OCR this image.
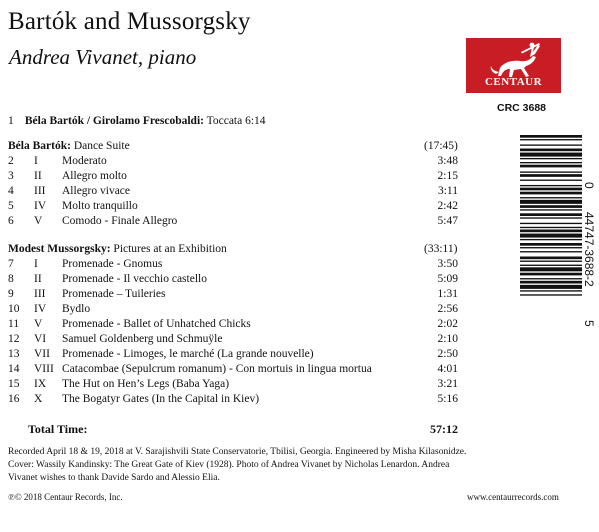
Bartók and Mussorgsky
Andrea Vivanet, piano
CENTAUR
CRC 3688
1 Béla Bartók / Girolamo Frescobaldi: Toccata 6:14
Béla Bartók: Dance Suite	(17:45)
2 I Moderato	3:48
3 II Allegro molto	2:15
4 III Allegro vivace	3:11
5 IV Molto tranquillo	2:42
6 V Comodo - Finale Allegro	5:47
Modest Mussorgsky: Pictures at an Exhibition	(33:11)
7 I Promenade - Gnomus	3:50
8 II Promenade - Il vecchio castello	5:09
9 III Promenade – Tuileries	1:31
10 IV Bydlo	2:56
11 V Promenade - Ballet of Unhatched Chicks	2:02
12 VI Samuel Goldenberg und Schmuÿle	2:10
13 VII Promenade - Limoges, le marché (La grande nouvelle)	2:50
14 VIII Catacombae (Sepulcrum romanum) - Con mortuis in lingua mortua	4:01
15 IX The Hut on Hen’s Legs (Baba Yaga)	3:21
16 X The Bogatyr Gates (In the Capital in Kiev)	5:16
Total Time:	57:12
Recorded April 18 & 19, 2018 at V. Sarajishvili State Conservatorie, Tbilisi, Georgia. Engineered by Misha Kilasonidze.
Cover: Wassily Kandinsky: The Great Gate of Kiev (1928). Photo of Andrea Vivanet by Nicholas Lenardon. Andrea
Vivanet wishes to thank Davide Sardo and Alessio Elia.
℗© 2018 Centaur Records, Inc.	www.centaurrecords.com
0
44747-3688-2
5
